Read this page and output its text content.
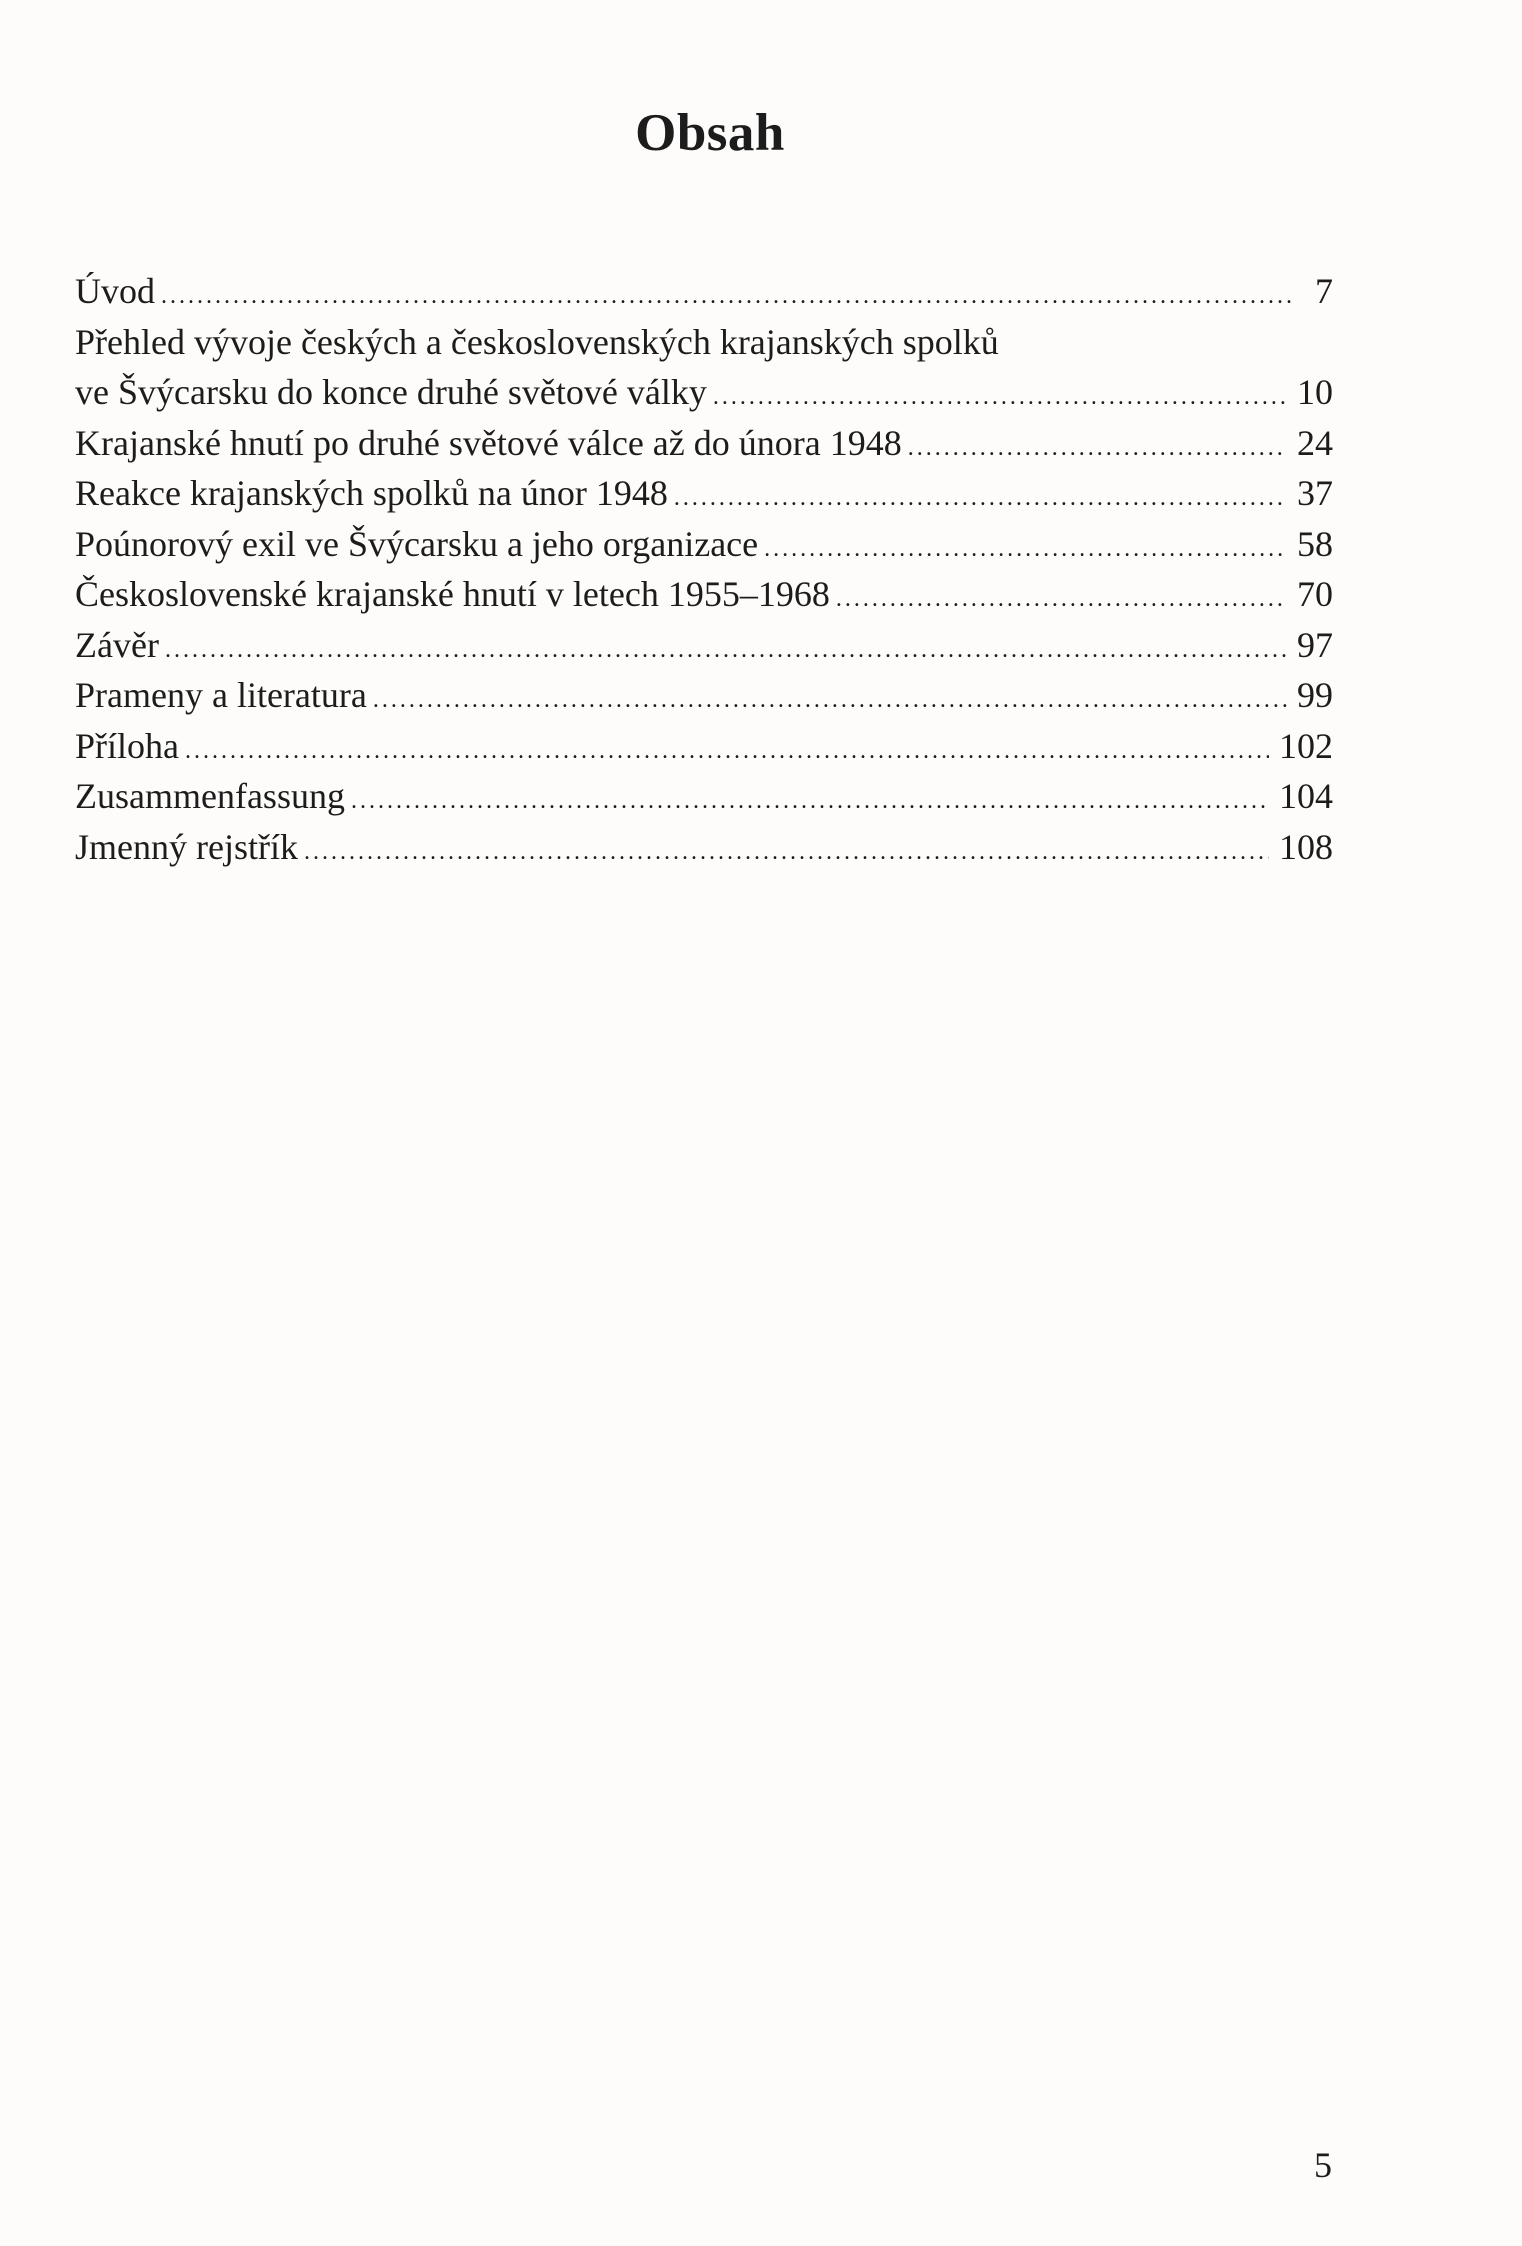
Obsah
Úvod .....	7
Přehled vývoje českých a československých krajanských spolků
ve Švýcarsku do konce druhé světové války .....	10
Krajanské hnutí po druhé světové válce až do února 1948 .....	24
Reakce krajanských spolků na únor 1948 .....	37
Poúnorový exil ve Švýcarsku a jeho organizace .....	58
Československé krajanské hnutí v letech 1955–1968 .....	70
Závěr .....	97
Prameny a literatura .....	99
Příloha .....	102
Zusammenfassung .....	104
Jmenný rejstřík .....	108
5
